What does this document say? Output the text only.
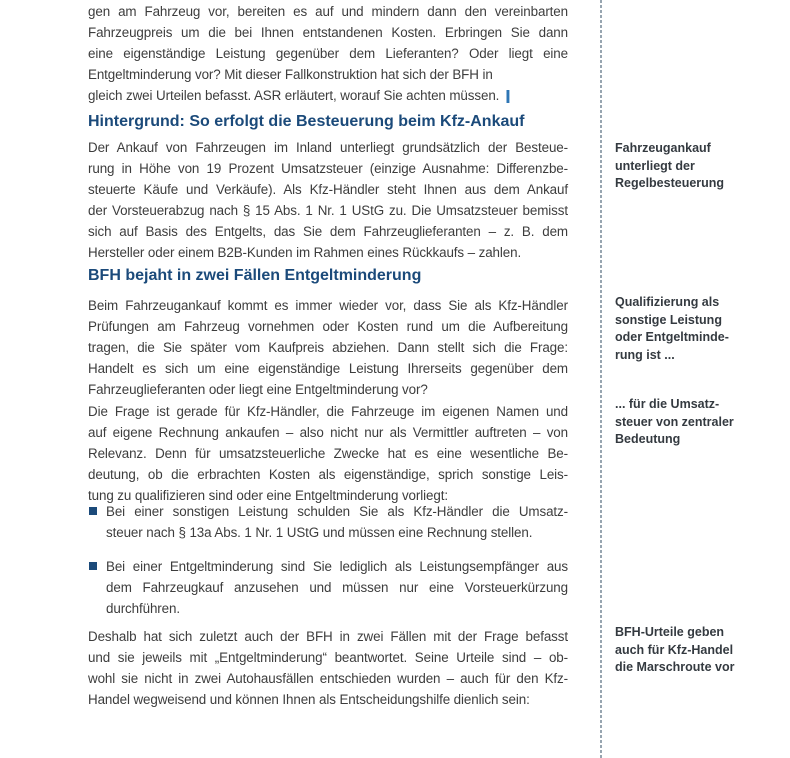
gen am Fahrzeug vor, bereiten es auf und mindern dann den vereinbarten
Fahrzeugpreis um die bei Ihnen entstandenen Kosten. Erbringen Sie dann
eine eigenständige Leistung gegenüber dem Lieferanten? Oder liegt eine
Entgeltminderung vor? Mit dieser Fallkonstruktion hat sich der BFH in
gleich zwei Urteilen befasst. ASR erläutert, worauf Sie achten müssen. |
Hintergrund: So erfolgt die Besteuerung beim Kfz-Ankauf
Der Ankauf von Fahrzeugen im Inland unterliegt grundsätzlich der Besteue-
rung in Höhe von 19 Prozent Umsatzsteuer (einzige Ausnahme: Differenzbe-
steuerte Käufe und Verkäufe). Als Kfz-Händler steht Ihnen aus dem Ankauf
der Vorsteuerabzug nach § 15 Abs. 1 Nr. 1 UStG zu. Die Umsatzsteuer bemisst
sich auf Basis des Entgelts, das Sie dem Fahrzeuglieferanten – z. B. dem
Hersteller oder einem B2B-Kunden im Rahmen eines Rückkaufs – zahlen.
BFH bejaht in zwei Fällen Entgeltminderung
Beim Fahrzeugankauf kommt es immer wieder vor, dass Sie als Kfz-Händler
Prüfungen am Fahrzeug vornehmen oder Kosten rund um die Aufbereitung
tragen, die Sie später vom Kaufpreis abziehen. Dann stellt sich die Frage:
Handelt es sich um eine eigenständige Leistung Ihrerseits gegenüber dem
Fahrzeuglieferanten oder liegt eine Entgeltminderung vor?
Die Frage ist gerade für Kfz-Händler, die Fahrzeuge im eigenen Namen und
auf eigene Rechnung ankaufen – also nicht nur als Vermittler auftreten – von
Relevanz. Denn für umsatzsteuerliche Zwecke hat es eine wesentliche Be-
deutung, ob die erbrachten Kosten als eigenständige, sprich sonstige Leis-
tung zu qualifizieren sind oder eine Entgeltminderung vorliegt:
Bei einer sonstigen Leistung schulden Sie als Kfz-Händler die Umsatz-
steuer nach § 13a Abs. 1 Nr. 1 UStG und müssen eine Rechnung stellen.
Bei einer Entgeltminderung sind Sie lediglich als Leistungsempfänger aus
dem Fahrzeugkauf anzusehen und müssen nur eine Vorsteuerkürzung
durchführen.
Deshalb hat sich zuletzt auch der BFH in zwei Fällen mit der Frage befasst
und sie jeweils mit „Entgeltminderung“ beantwortet. Seine Urteile sind – ob-
wohl sie nicht in zwei Autohausfällen entschieden wurden – auch für den Kfz-
Handel wegweisend und können Ihnen als Entscheidungshilfe dienlich sein:
Fahrzeugankauf
unterliegt der
Regelbesteuerung
Qualifizierung als
sonstige Leistung
oder Entgeltminde-
rung ist ...
... für die Umsatz-
steuer von zentraler
Bedeutung
BFH-Urteile geben
auch für Kfz-Handel
die Marschroute vor
